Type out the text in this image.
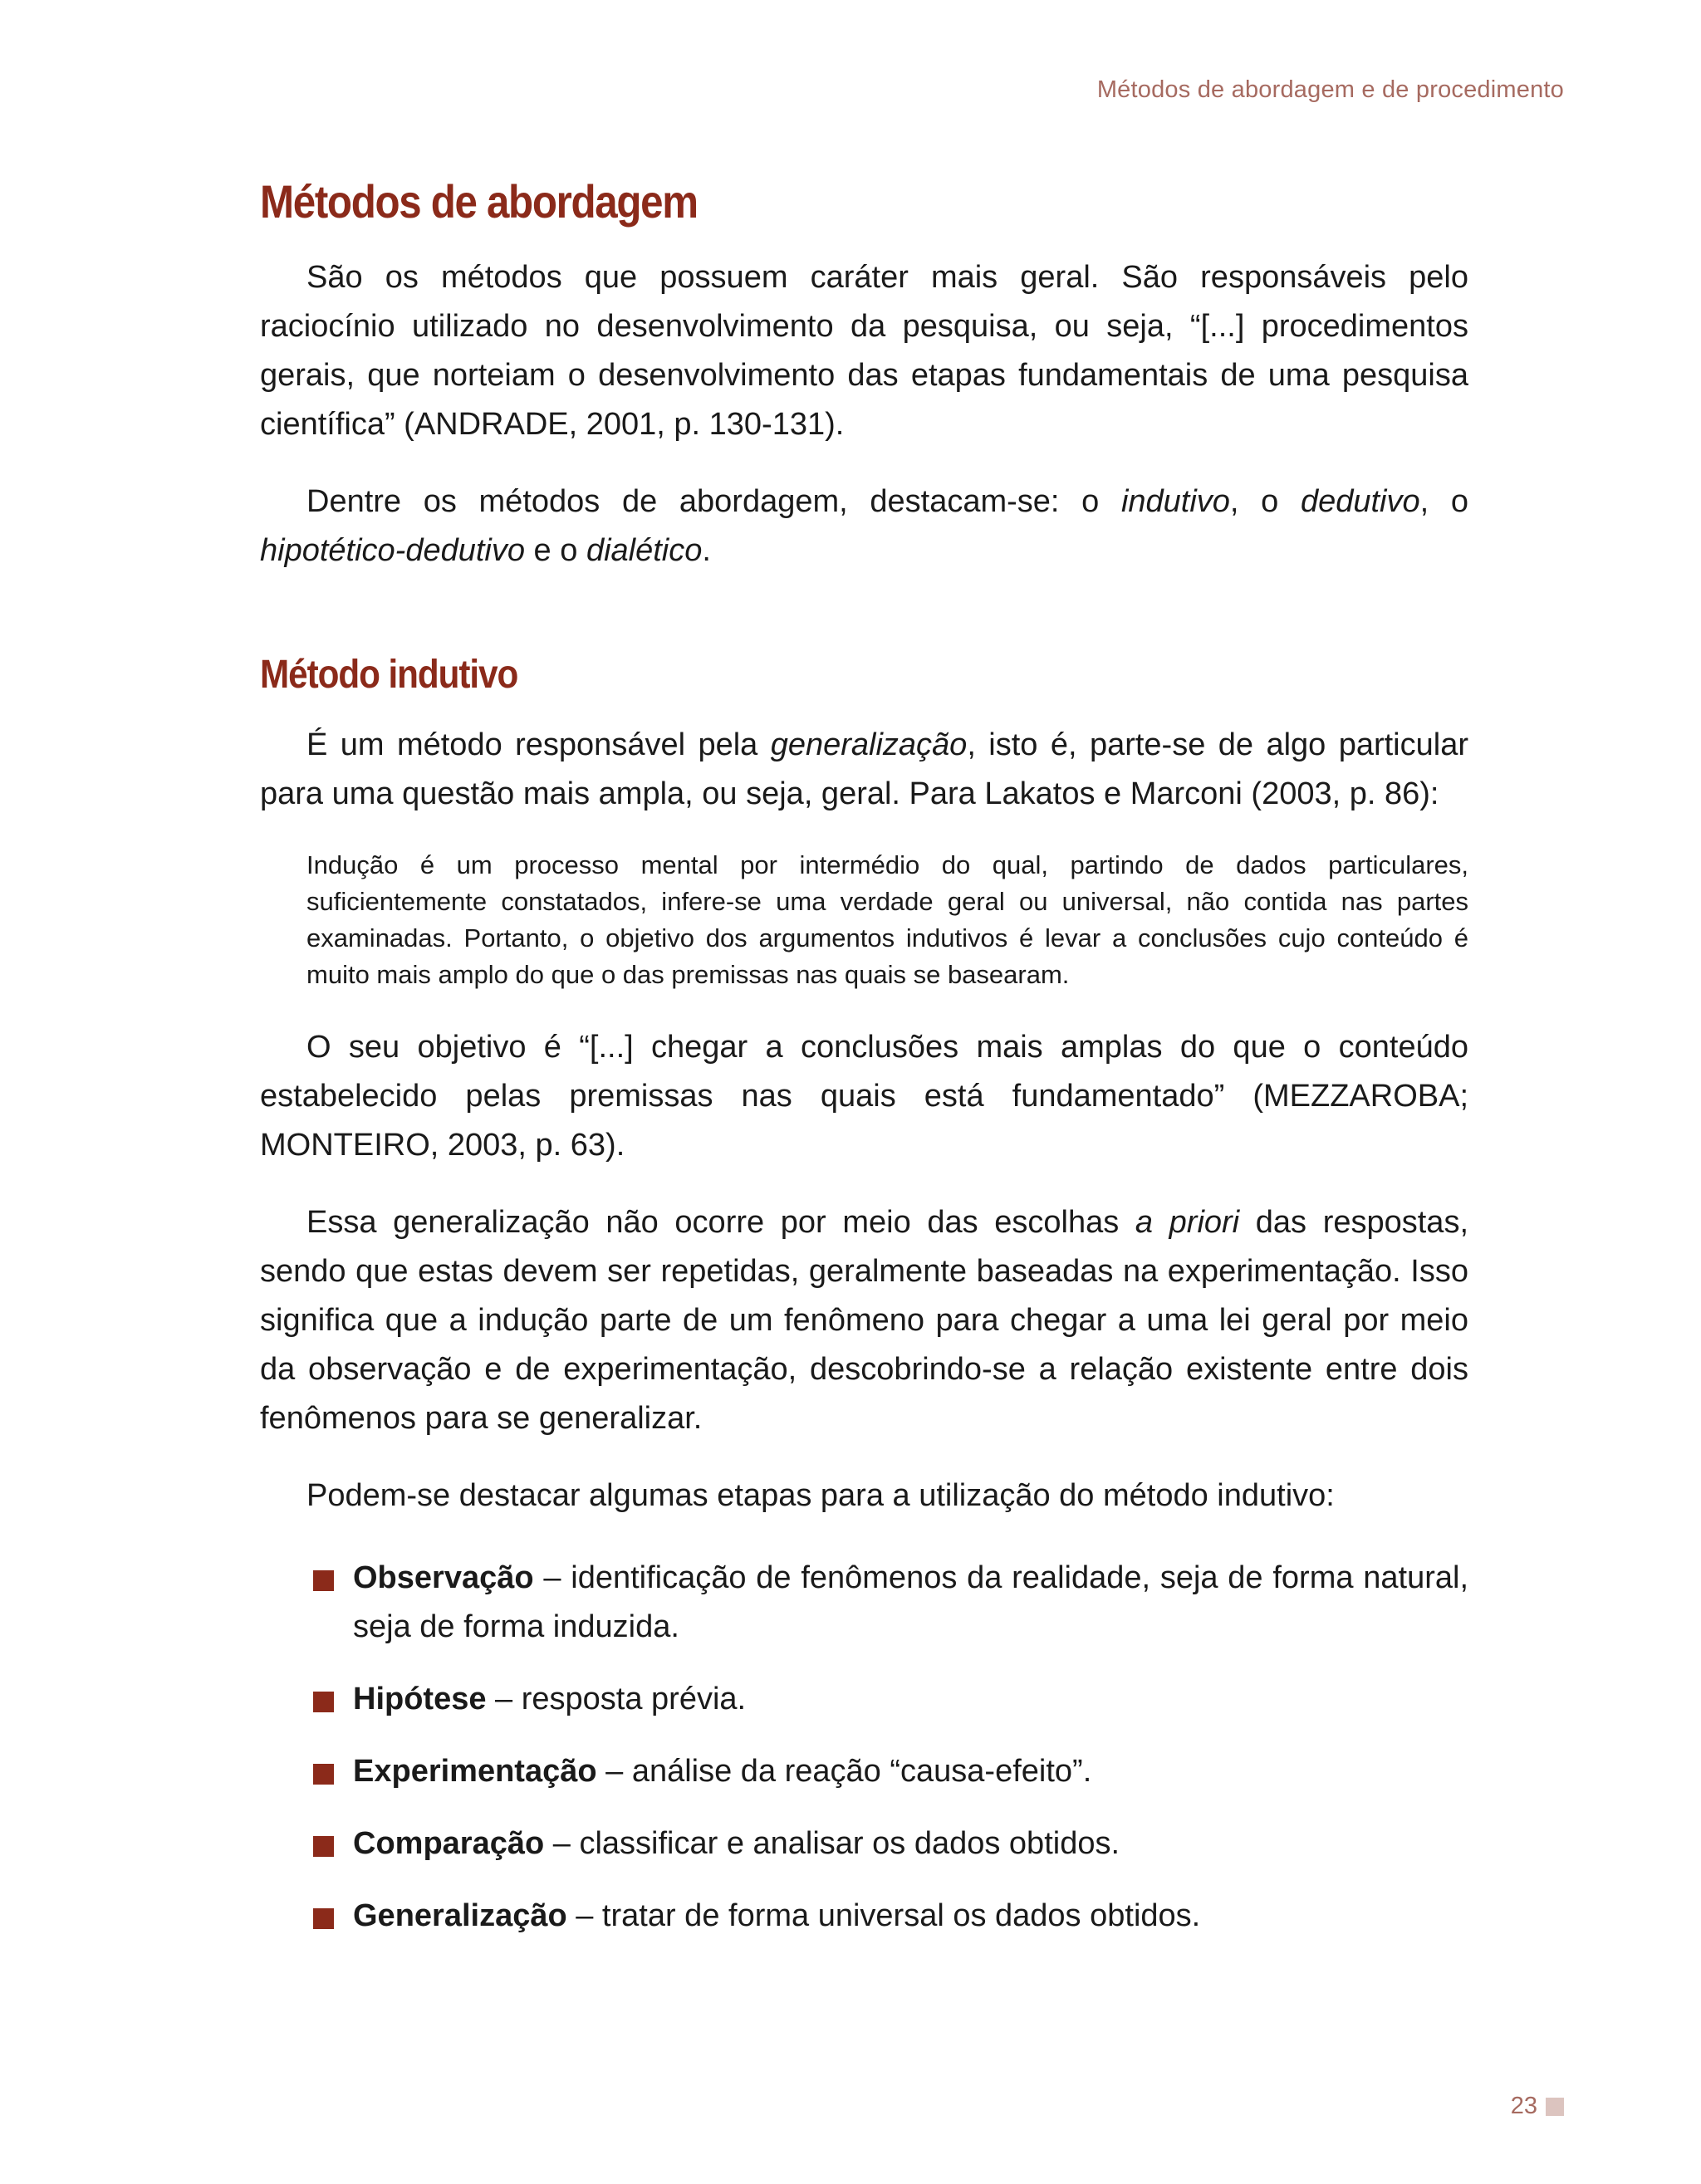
Métodos de abordagem e de procedimento
Métodos de abordagem

São os métodos que possuem caráter mais geral. São responsáveis pelo raciocínio utilizado no desenvolvimento da pesquisa, ou seja, “[...] procedimentos gerais, que norteiam o desenvolvimento das etapas fundamentais de uma pesquisa científica” (ANDRADE, 2001, p. 130-131).

Dentre os métodos de abordagem, destacam-se: o indutivo, o dedutivo, o hipotético-dedutivo e o dialético.

Método indutivo

É um método responsável pela generalização, isto é, parte-se de algo particular para uma questão mais ampla, ou seja, geral. Para Lakatos e Marconi (2003, p. 86):

Indução é um processo mental por intermédio do qual, partindo de dados particulares, suficientemente constatados, infere-se uma verdade geral ou universal, não contida nas partes examinadas. Portanto, o objetivo dos argumentos indutivos é levar a conclusões cujo conteúdo é muito mais amplo do que o das premissas nas quais se basearam.

O seu objetivo é “[...] chegar a conclusões mais amplas do que o conteúdo estabelecido pelas premissas nas quais está fundamentado” (MEZZAROBA; MONTEIRO, 2003, p. 63).

Essa generalização não ocorre por meio das escolhas a priori das respostas, sendo que estas devem ser repetidas, geralmente baseadas na experimentação. Isso significa que a indução parte de um fenômeno para chegar a uma lei geral por meio da observação e de experimentação, descobrindo-se a relação existente entre dois fenômenos para se generalizar.

Podem-se destacar algumas etapas para a utilização do método indutivo:

Observação – identificação de fenômenos da realidade, seja de forma natural, seja de forma induzida.
Hipótese – resposta prévia.
Experimentação – análise da reação “causa-efeito”.
Comparação – classificar e analisar os dados obtidos.
Generalização – tratar de forma universal os dados obtidos.
23
